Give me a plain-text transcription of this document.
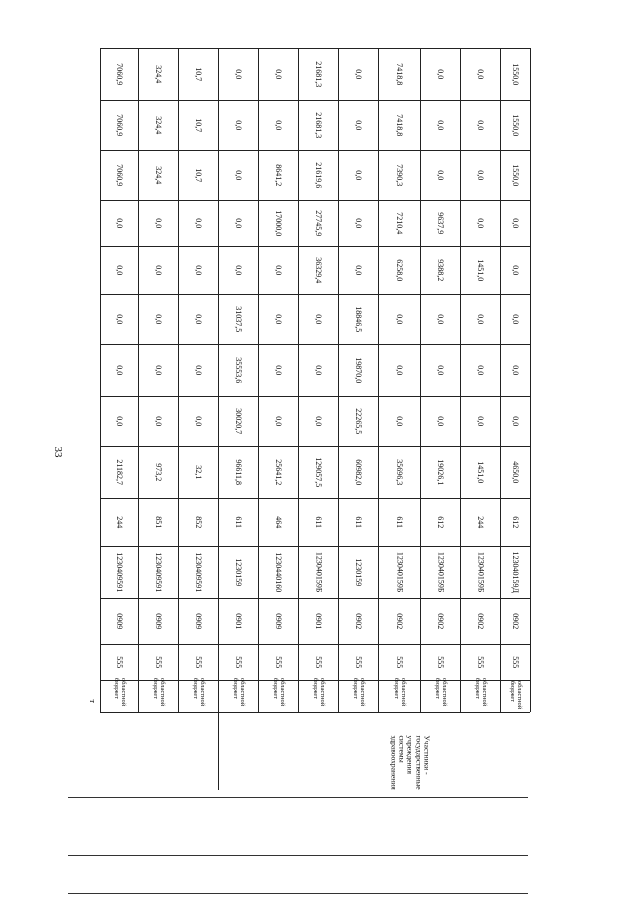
33
т
7060,9
7060,9
7060,9
0,0
0,0
0,0
0,0
0,0
21182,7
244
1230409591
0909
555
областной бюджет
324,4
324,4
324,4
0,0
0,0
0,0
0,0
0,0
973,2
851
1230409591
0909
555
областной бюджет
10,7
10,7
10,7
0,0
0,0
0,0
0,0
0,0
32,1
852
1230409591
0909
555
областной бюджет
0,0
0,0
0,0
0,0
0,0
31037,5
35553,6
30020,7
96611,8
611
1230159
0901
555
областной бюджет
0,0
0,0
8641,2
17000,0
0,0
0,0
0,0
0,0
25641,2
464
1230440160
0909
555
областной бюджет
21681,3
21681,3
21619,6
27745,9
36329,4
0,0
0,0
0,0
129057,5
611
123040159Б
0901
555
областной бюджет
0,0
0,0
0,0
0,0
0,0
18846,5
19870,0
22265,5
60982,0
611
1230159
0902
555
областной бюджет
7418,8
7418,8
7390,3
7210,4
6258,0
0,0
0,0
0,0
35696,3
611
123040159Б
0902
555
областной бюджет
0,0
0,0
0,0
9637,9
9388,2
0,0
0,0
0,0
19026,1
612
123040159Б
0902
555
областной бюджет
0,0
0,0
0,0
0,0
1451,0
0,0
0,0
0,0
1451,0
244
123040159Б
0902
555
областной бюджет
1550,0
1550,0
1550,0
0,0
0,0
0,0
0,0
0,0
4650,0
612
123040159Д
0902
555
областной бюджет
Участники - государственные учреждения системы здравоохранения
